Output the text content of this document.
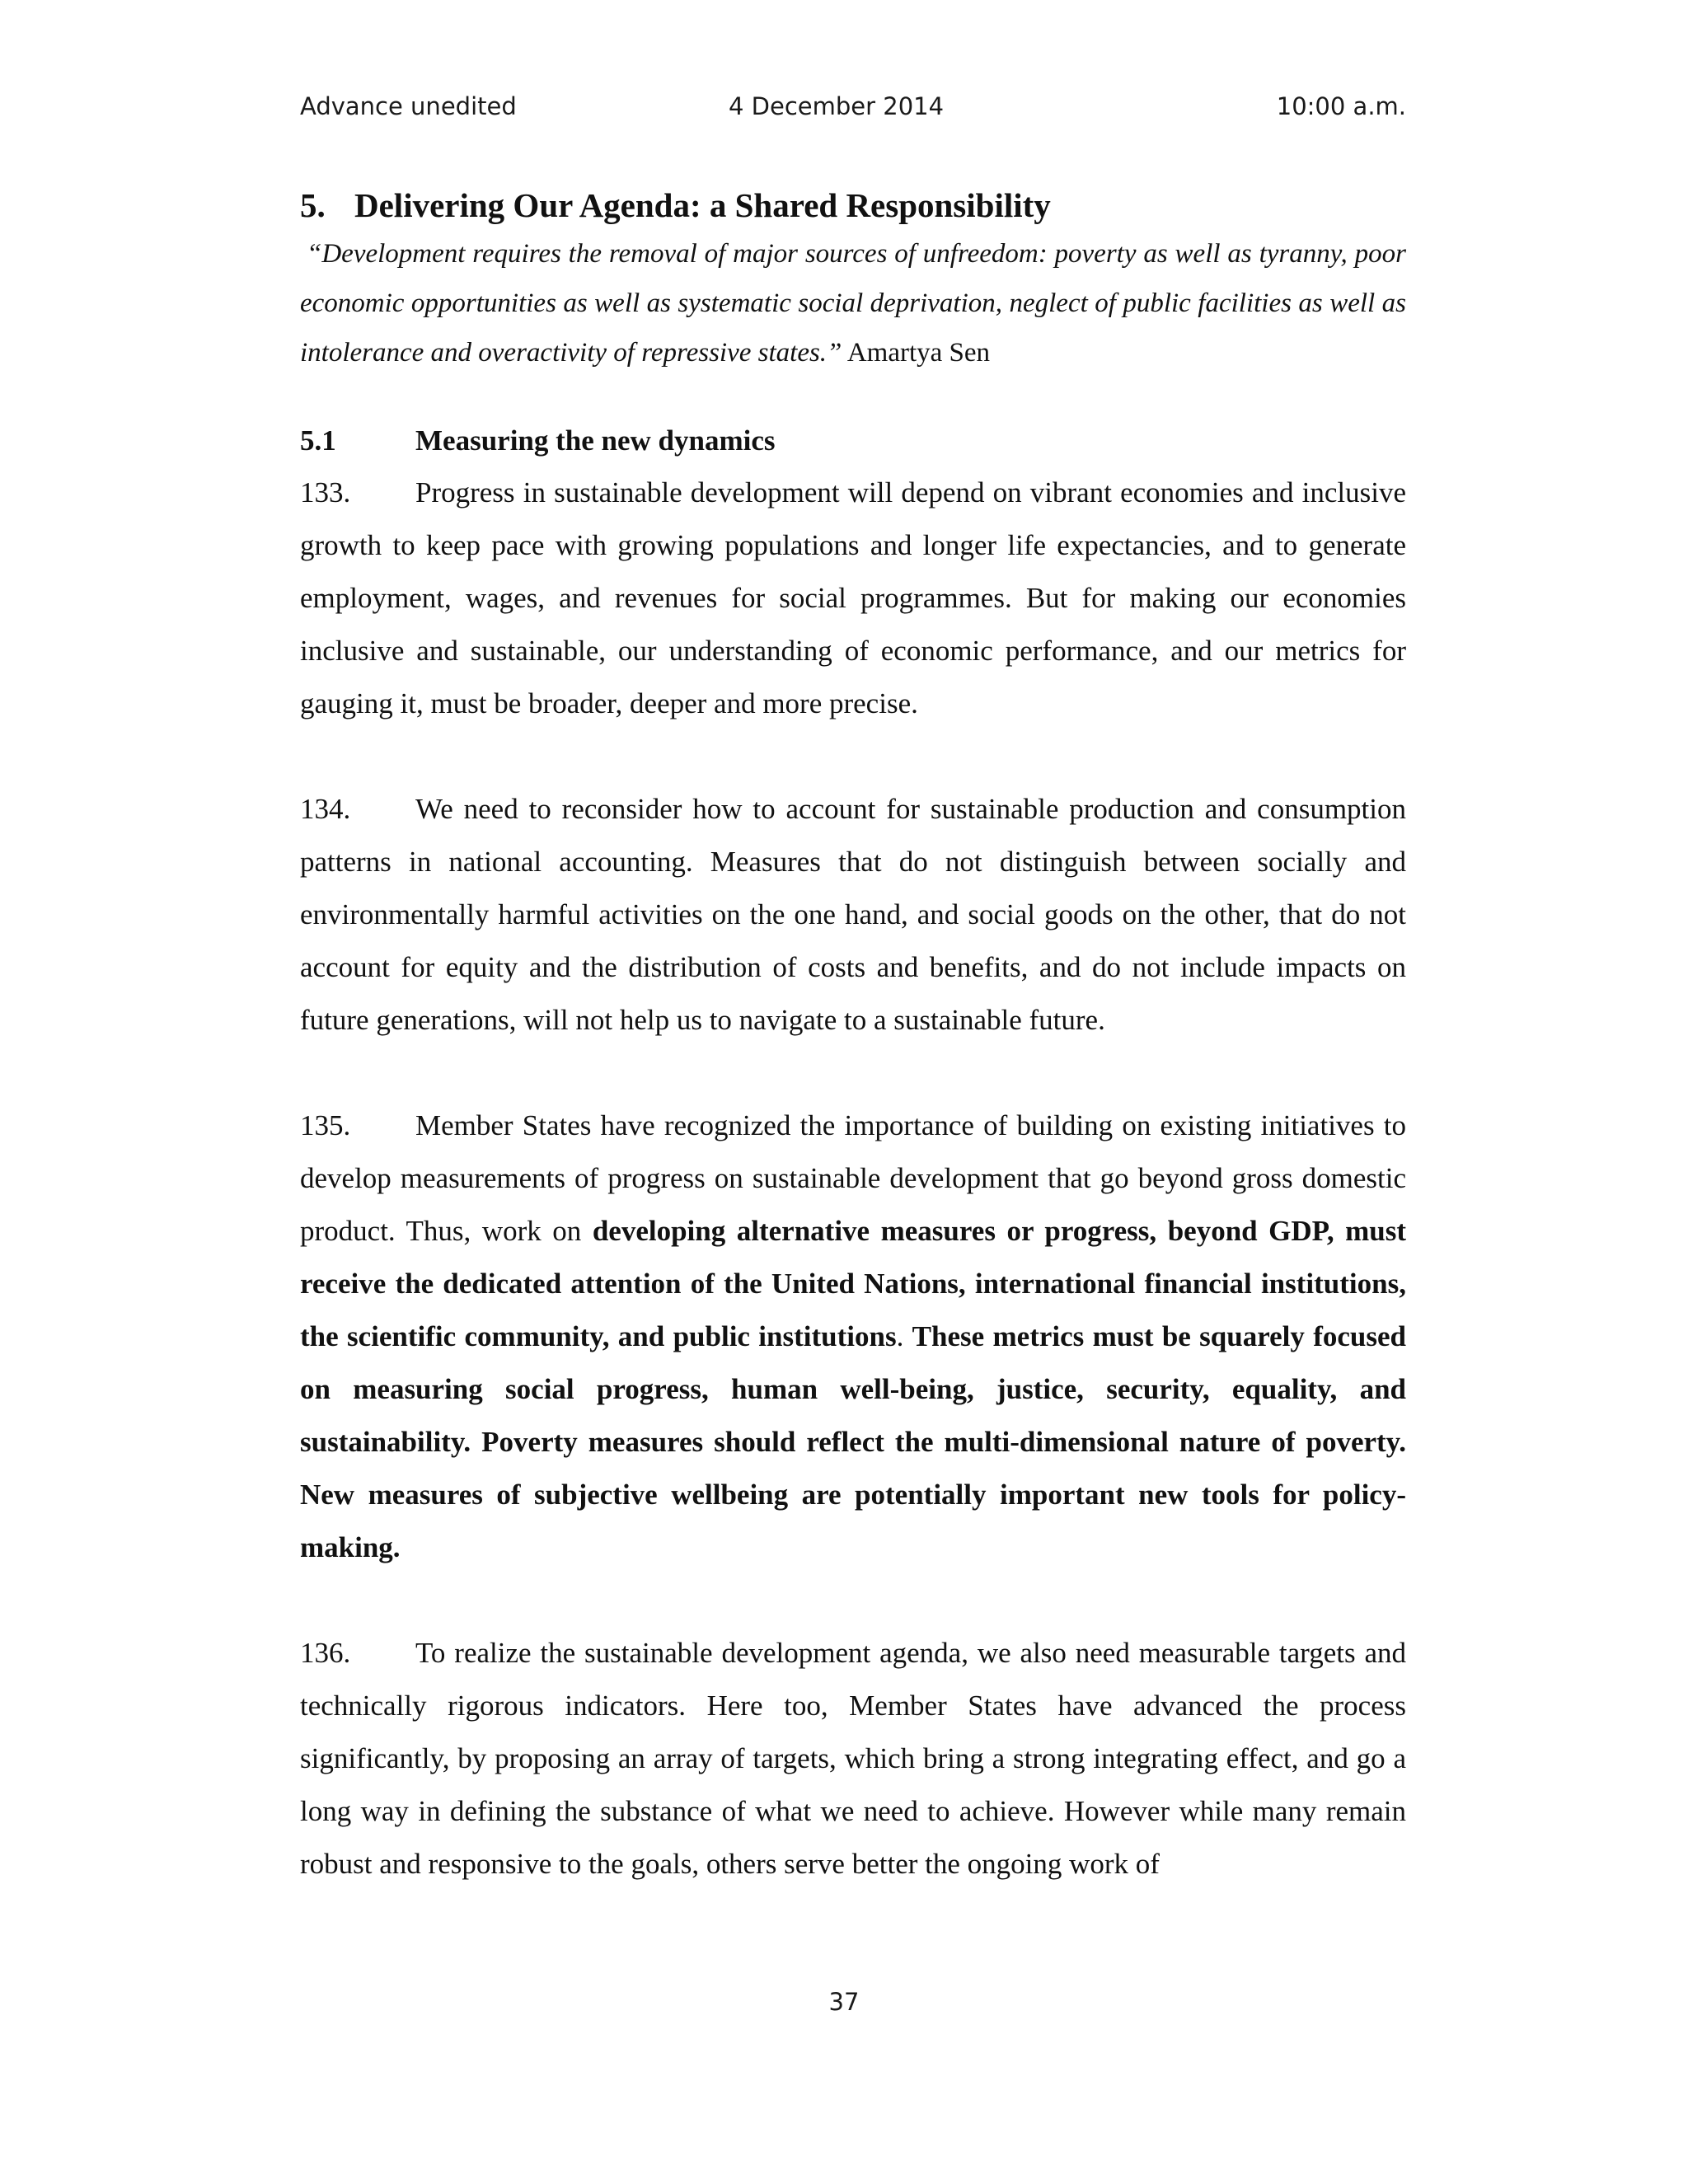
Advance unedited	4 December 2014	10:00 a.m.
5. Delivering Our Agenda: a Shared Responsibility

“Development requires the removal of major sources of unfreedom: poverty as well as tyranny, poor economic opportunities as well as systematic social deprivation, neglect of public facilities as well as intolerance and overactivity of repressive states.” Amartya Sen

5.1	Measuring the new dynamics

133. Progress in sustainable development will depend on vibrant economies and inclusive growth to keep pace with growing populations and longer life expectancies, and to generate employment, wages, and revenues for social programmes. But for making our economies inclusive and sustainable, our understanding of economic performance, and our metrics for gauging it, must be broader, deeper and more precise.

134. We need to reconsider how to account for sustainable production and consumption patterns in national accounting. Measures that do not distinguish between socially and environmentally harmful activities on the one hand, and social goods on the other, that do not account for equity and the distribution of costs and benefits, and do not include impacts on future generations, will not help us to navigate to a sustainable future.

135. Member States have recognized the importance of building on existing initiatives to develop measurements of progress on sustainable development that go beyond gross domestic product. Thus, work on developing alternative measures or progress, beyond GDP, must receive the dedicated attention of the United Nations, international financial institutions, the scientific community, and public institutions. These metrics must be squarely focused on measuring social progress, human well-being, justice, security, equality, and sustainability. Poverty measures should reflect the multi-dimensional nature of poverty. New measures of subjective wellbeing are potentially important new tools for policy-making.

136. To realize the sustainable development agenda, we also need measurable targets and technically rigorous indicators. Here too, Member States have advanced the process significantly, by proposing an array of targets, which bring a strong integrating effect, and go a long way in defining the substance of what we need to achieve. However while many remain robust and responsive to the goals, others serve better the ongoing work of

37
